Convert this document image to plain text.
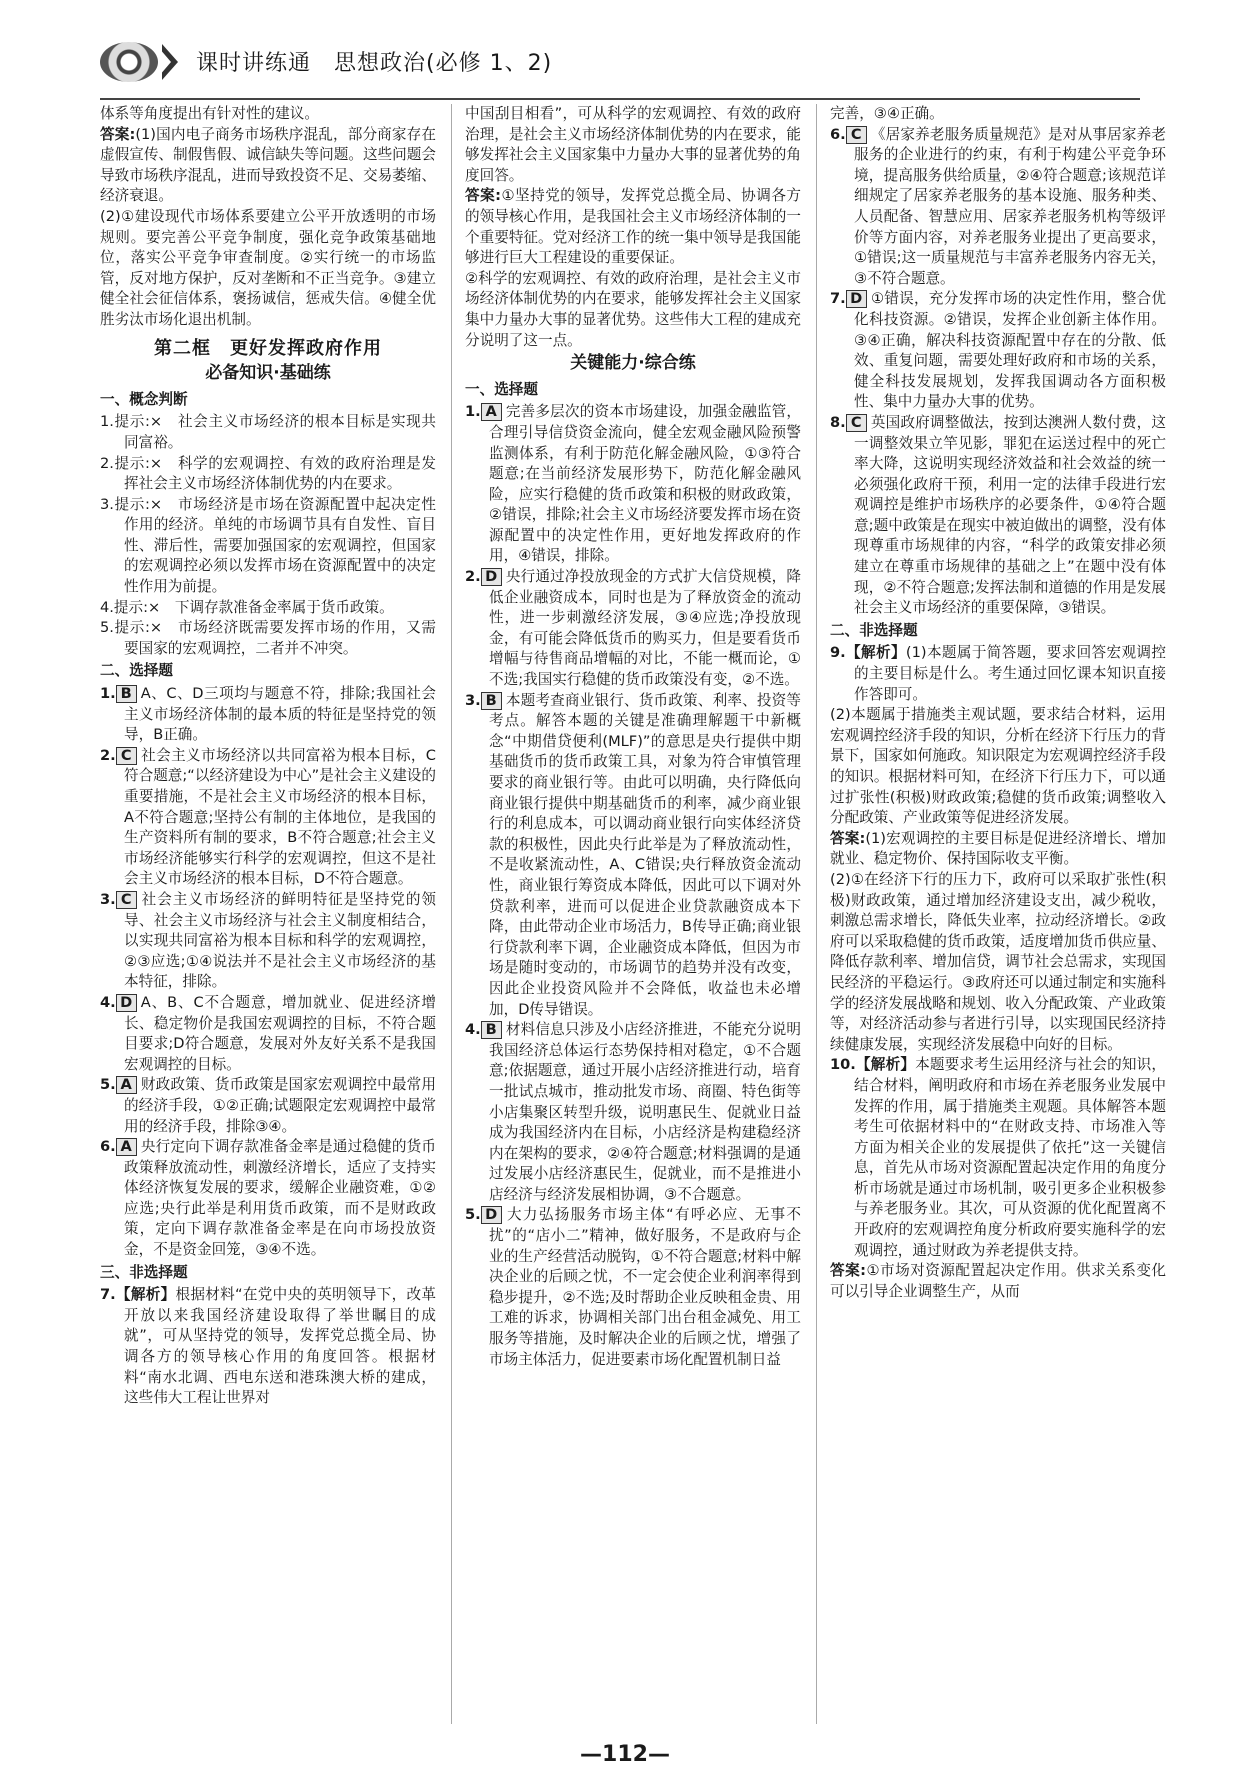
课时讲练通　思想政治(必修 1、2)

体系等角度提出有针对性的建议。

答案:(1)国内电子商务市场秩序混乱，部分商家存在虚假宣传、制假售假、诚信缺失等问题。这些问题会导致市场秩序混乱，进而导致投资不足、交易萎缩、经济衰退。

(2)①建设现代市场体系要建立公平开放透明的市场规则。要完善公平竞争制度，强化竞争政策基础地位，落实公平竞争审查制度。②实行统一的市场监管，反对地方保护，反对垄断和不正当竞争。③建立健全社会征信体系，褒扬诚信，惩戒失信。④健全优胜劣汰市场化退出机制。

第二框　更好发挥政府作用
必备知识·基础练

一、概念判断

1.提示:×　社会主义市场经济的根本目标是实现共同富裕。

2.提示:×　科学的宏观调控、有效的政府治理是发挥社会主义市场经济体制优势的内在要求。

3.提示:×　市场经济是市场在资源配置中起决定性作用的经济。单纯的市场调节具有自发性、盲目性、滞后性，需要加强国家的宏观调控，但国家的宏观调控必须以发挥市场在资源配置中的决定性作用为前提。

4.提示:×　下调存款准备金率属于货币政策。

5.提示:×　市场经济既需要发挥市场的作用，又需要国家的宏观调控，二者并不冲突。

二、选择题

1. B A、C、D三项均与题意不符，排除;我国社会主义市场经济体制的最本质的特征是坚持党的领导，B正确。

2. C 社会主义市场经济以共同富裕为根本目标，C符合题意;“以经济建设为中心”是社会主义建设的重要措施，不是社会主义市场经济的根本目标，A不符合题意;坚持公有制的主体地位，是我国的生产资料所有制的要求，B不符合题意;社会主义市场经济能够实行科学的宏观调控，但这不是社会主义市场经济的根本目标，D不符合题意。

3. C 社会主义市场经济的鲜明特征是坚持党的领导、社会主义市场经济与社会主义制度相结合，以实现共同富裕为根本目标和科学的宏观调控，②③应选;①④说法并不是社会主义市场经济的基本特征，排除。

4. D A、B、C不合题意，增加就业、促进经济增长、稳定物价是我国宏观调控的目标，不符合题目要求;D符合题意，发展对外友好关系不是我国宏观调控的目标。

5. A 财政政策、货币政策是国家宏观调控中最常用的经济手段，①②正确;试题限定宏观调控中最常用的经济手段，排除③④。

6. A 央行定向下调存款准备金率是通过稳健的货币政策释放流动性，刺激经济增长，适应了支持实体经济恢复发展的要求，缓解企业融资难，①②应选;央行此举是利用货币政策，而不是财政政策，定向下调存款准备金率是在向市场投放资金，不是资金回笼，③④不选。

三、非选择题

7.【解析】根据材料“在党中央的英明领导下，改革开放以来我国经济建设取得了举世瞩目的成就”，可从坚持党的领导，发挥党总揽全局、协调各方的领导核心作用的角度回答。根据材料“南水北调、西电东送和港珠澳大桥的建成，这些伟大工程让世界对

中国刮目相看”，可从科学的宏观调控、有效的政府治理，是社会主义市场经济体制优势的内在要求，能够发挥社会主义国家集中力量办大事的显著优势的角度回答。

答案:①坚持党的领导，发挥党总揽全局、协调各方的领导核心作用，是我国社会主义市场经济体制的一个重要特征。党对经济工作的统一集中领导是我国能够进行巨大工程建设的重要保证。

②科学的宏观调控、有效的政府治理，是社会主义市场经济体制优势的内在要求，能够发挥社会主义国家集中力量办大事的显著优势。这些伟大工程的建成充分说明了这一点。

关键能力·综合练

一、选择题

1. A 完善多层次的资本市场建设，加强金融监管，合理引导信贷资金流向，健全宏观金融风险预警监测体系，有利于防范化解金融风险，①③符合题意;在当前经济发展形势下，防范化解金融风险，应实行稳健的货币政策和积极的财政政策，②错误，排除;社会主义市场经济要发挥市场在资源配置中的决定性作用，更好地发挥政府的作用，④错误，排除。

2. D 央行通过净投放现金的方式扩大信贷规模，降低企业融资成本，同时也是为了释放资金的流动性，进一步刺激经济发展，③④应选;净投放现金，有可能会降低货币的购买力，但是要看货币增幅与待售商品增幅的对比，不能一概而论，①不选;我国实行稳健的货币政策没有变，②不选。

3. B 本题考查商业银行、货币政策、利率、投资等考点。解答本题的关键是准确理解题干中新概念“中期借贷便利(MLF)”的意思是央行提供中期基础货币的货币政策工具，对象为符合审慎管理要求的商业银行等。由此可以明确，央行降低向商业银行提供中期基础货币的利率，减少商业银行的利息成本，可以调动商业银行向实体经济贷款的积极性，因此央行此举是为了释放流动性，不是收紧流动性，A、C错误;央行释放资金流动性，商业银行筹资成本降低，因此可以下调对外贷款利率，进而可以促进企业贷款融资成本下降，由此带动企业市场活力，B传导正确;商业银行贷款利率下调，企业融资成本降低，但因为市场是随时变动的，市场调节的趋势并没有改变，因此企业投资风险并不会降低，收益也未必增加，D传导错误。

4. B 材料信息只涉及小店经济推进，不能充分说明我国经济总体运行态势保持相对稳定，①不合题意;依据题意，通过开展小店经济推进行动，培育一批试点城市，推动批发市场、商圈、特色街等小店集聚区转型升级，说明惠民生、促就业日益成为我国经济内在目标，小店经济是构建稳经济内在架构的要求，②④符合题意;材料强调的是通过发展小店经济惠民生，促就业，而不是推进小店经济与经济发展相协调，③不合题意。

5. D 大力弘扬服务市场主体“有呼必应、无事不扰”的“店小二”精神，做好服务，不是政府与企业的生产经营活动脱钩，①不符合题意;材料中解决企业的后顾之忧，不一定会使企业利润率得到稳步提升，②不选;及时帮助企业反映租金贵、用工难的诉求，协调相关部门出台租金减免、用工服务等措施，及时解决企业的后顾之忧，增强了市场主体活力，促进要素市场化配置机制日益

完善，③④正确。

6. C 《居家养老服务质量规范》是对从事居家养老服务的企业进行的约束，有利于构建公平竞争环境，提高服务供给质量，②④符合题意;该规范详细规定了居家养老服务的基本设施、服务种类、人员配备、智慧应用、居家养老服务机构等级评价等方面内容，对养老服务业提出了更高要求，①错误;这一质量规范与丰富养老服务内容无关，③不符合题意。

7. D ①错误，充分发挥市场的决定性作用，整合优化科技资源。②错误，发挥企业创新主体作用。③④正确，解决科技资源配置中存在的分散、低效、重复问题，需要处理好政府和市场的关系，健全科技发展规划，发挥我国调动各方面积极性、集中力量办大事的优势。

8. C 英国政府调整做法，按到达澳洲人数付费，这一调整效果立竿见影，罪犯在运送过程中的死亡率大降，这说明实现经济效益和社会效益的统一必须强化政府干预，利用一定的法律手段进行宏观调控是维护市场秩序的必要条件，①④符合题意;题中政策是在现实中被迫做出的调整，没有体现尊重市场规律的内容，“科学的政策安排必须建立在尊重市场规律的基础之上”在题中没有体现，②不符合题意;发挥法制和道德的作用是发展社会主义市场经济的重要保障，③错误。

二、非选择题

9.【解析】(1)本题属于简答题，要求回答宏观调控的主要目标是什么。考生通过回忆课本知识直接作答即可。

(2)本题属于措施类主观试题，要求结合材料，运用宏观调控经济手段的知识，分析在经济下行压力的背景下，国家如何施政。知识限定为宏观调控经济手段的知识。根据材料可知，在经济下行压力下，可以通过扩张性(积极)财政政策;稳健的货币政策;调整收入分配政策、产业政策等促进经济发展。

答案:(1)宏观调控的主要目标是促进经济增长、增加就业、稳定物价、保持国际收支平衡。

(2)①在经济下行的压力下，政府可以采取扩张性(积极)财政政策，通过增加经济建设支出，减少税收，刺激总需求增长，降低失业率，拉动经济增长。②政府可以采取稳健的货币政策，适度增加货币供应量、降低存款利率、增加信贷，调节社会总需求，实现国民经济的平稳运行。③政府还可以通过制定和实施科学的经济发展战略和规划、收入分配政策、产业政策等，对经济活动参与者进行引导，以实现国民经济持续健康发展，实现经济发展稳中向好的目标。

10.【解析】本题要求考生运用经济与社会的知识，结合材料，阐明政府和市场在养老服务业发展中发挥的作用，属于措施类主观题。具体解答本题考生可依据材料中的“在财政支持、市场准入等方面为相关企业的发展提供了依托”这一关键信息，首先从市场对资源配置起决定作用的角度分析市场就是通过市场机制，吸引更多企业积极参与养老服务业。其次，可从资源的优化配置离不开政府的宏观调控角度分析政府要实施科学的宏观调控，通过财政为养老提供支持。

答案:①市场对资源配置起决定作用。供求关系变化可以引导企业调整生产，从而

—112—
